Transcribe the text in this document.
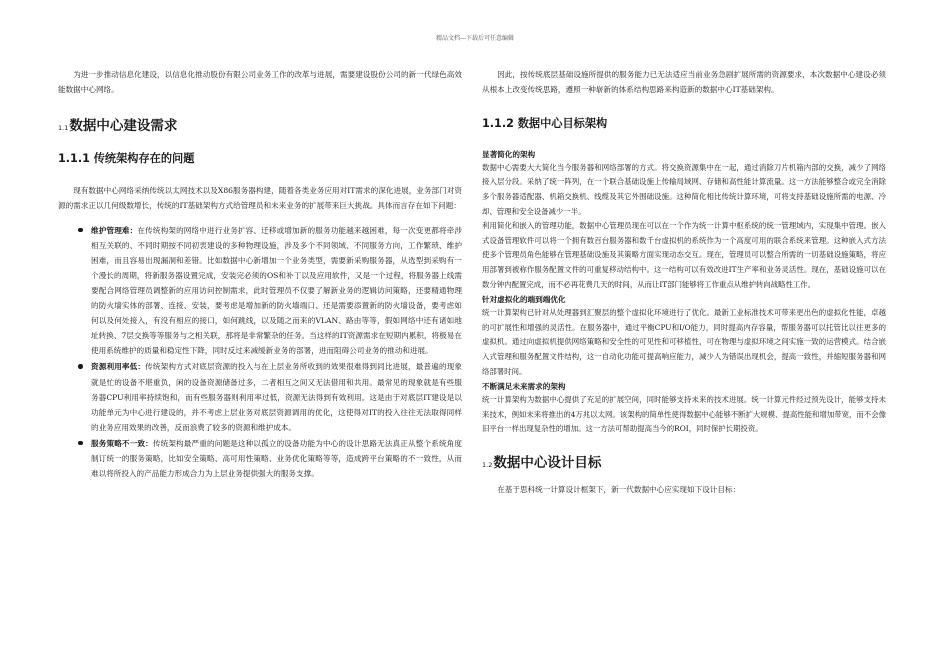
精品文档---下载后可任意编辑

为进一步推动信息化建设，以信息化推动股份有限公司业务工作的改革与进展，需要建设股份公司的新一代绿色高效能数据中心网络。

1.1数据中心建设需求
1.1.1 传统架构存在的问题

现有数据中心网络采纳传统以太网技术以及X86服务器构建，随着各类业务应用对IT需求的深化进展，业务部门对资源的需求正以几何级数增长，传统的IT基础架构方式给管理员和未来业务的扩展带来巨大挑战。具体而言存在如下问题：

维护管理难：在传统构架的网络中进行业务扩容、迁移或增加新的服务功能越来越困难，每一次变更都将牵涉相互关联的、不同时期按不同初衷建设的多种物理设施，涉及多个不同领域、不同服务方向，工作繁琐、维护困难，而且容易出现漏洞和差错。比如数据中心新增加一个业务类型，需要新采购服务器，从选型到采购有一个漫长的周期，将新服务器设置完成，安装完必须的OS和补丁以及应用软件，又是一个过程，将服务器上线需要配合网络管理员调整新的应用访问控制需求，此时管理员不仅要了解新业务的逻辑访问策略，还要精通物理的防火墙实体的部署、连接、安装，要考虑是增加新的防火墙端口、还是需要添置新的防火墙设备，要考虑如何以及何处接入，有没有相应的接口，如何跳线，以及随之而来的VLAN、路由等等，假如网络中还有诸如地址转换、7层交换等等服务与之相关联，那将是非常繁杂的任务。当这样的IT资源需求在短期内累积，将极易在使用系统维护的质量和稳定性下降，同时反过来减缓新业务的部署，进而阻碍公司业务的推动和进展。
资源利用率低：传统架构方式对底层资源的投入与在上层业务所收到的效果很难得到同比进展，最普遍的现象就是忙的设备不堪重负，闲的设备资源储备过多，二者相互之间又无法借用和共用。最常见的现象就是有些服务器CPU利用率持续饱和，而有些服务器则利用率过低，资源无法得到有效利用。这是由于对底层IT建设是以功能单元为中心进行建设的，并不考虑上层业务对底层资源调用的优化，这使得对IT的投入往往无法取得同样的业务应用效果的改善，反而浪费了较多的资源和维护成本。
服务策略不一致：传统架构最严重的问题是这种以孤立的设备功能为中心的设计思路无法真正从整个系统角度制订统一的服务策略，比如安全策略、高可用性策略、业务优化策略等等，造成跨平台策略的不一致性，从而难以将所投入的产品能力形成合力为上层业务提供强大的服务支撑。

因此，按传统底层基础设施所提供的服务能力已无法适应当前业务急剧扩展所需的资源要求，本次数据中心建设必须从根本上改变传统思路，遵照一种崭新的体系结构思路来构造新的数据中心IT基础架构。

1.1.2 数据中心目标架构
显著简化的架构

数据中心需要大大简化当今服务器和网络部署的方式。将交换资源集中在一起，通过消除刀片机箱内部的交换，减少了网络接入层分段。采纳了统一阵列，在一个联合基础设施上传输局域网、存储和高性能计算流量。这一方法能够整合或完全消除多个服务器适配器、机箱交换机、线缆及其它外围础设施。这种简化相比传统计算环境，可将支持基础设施所需的电源、冷却、管理和安全设备减少一半。

利用简化和嵌入的管理功能，数据中心管理员现在可以在一个作为统一计算中枢系统的统一管理域内，实现集中管理。嵌入式设备管理软件可以将一个拥有数百台服务器和数千台虚拟机的系统作为一个高度可用的联合系统来管理。这种嵌入式方法使多个管理员角色能够在管理基础设施及其策略方面实现动态交互。现在，管理员可以整合所需的一切基础设施策略，将应用部署到被称作服务配置文件的可重复移动结构中。这一结构可以有效改进IT生产率和业务灵活性。现在，基础设施可以在数分钟内配置完成，而不必再花费几天的时间，从而让IT部门能够将工作重点从维护转向战略性工作。

针对虚拟化的端到端优化

统一计算架构已针对从处理器到汇聚层的整个虚拟化环境进行了优化。最新工业标准技术可带来更出色的虚拟化性能，卓越的可扩展性和增强的灵活性。在服务器中，通过平衡CPU和I/O能力，同时提高内存容量，帮服务器可以托管比以往更多的虚拟机。通过向虚拟机提供网络策略和安全性的可见性和可移植性，可在物理与虚拟环境之间实施一致的运营模式。结合嵌入式管理和服务配置文件结构，这一自动化功能可提高响应能力，减少人为错误出现机会，提高一致性，并缩短服务器和网络部署时间。

不断满足未来需求的架构

统一计算架构为数据中心提供了充足的扩展空间，同时能够支持未来的技术进展。统一计算元件经过预先设计，能够支持未来技术，例如未来将推出的4万兆以太网。该架构的简单性使得数据中心能够不断扩大规模、提高性能和增加带宽，而不会像旧平台一样出现复杂性的增加。这一方法可帮助提高当今的ROI，同时保护长期投资。

1.2数据中心设计目标

在基于思科统一计算设计框架下，新一代数据中心应实现如下设计目标：
